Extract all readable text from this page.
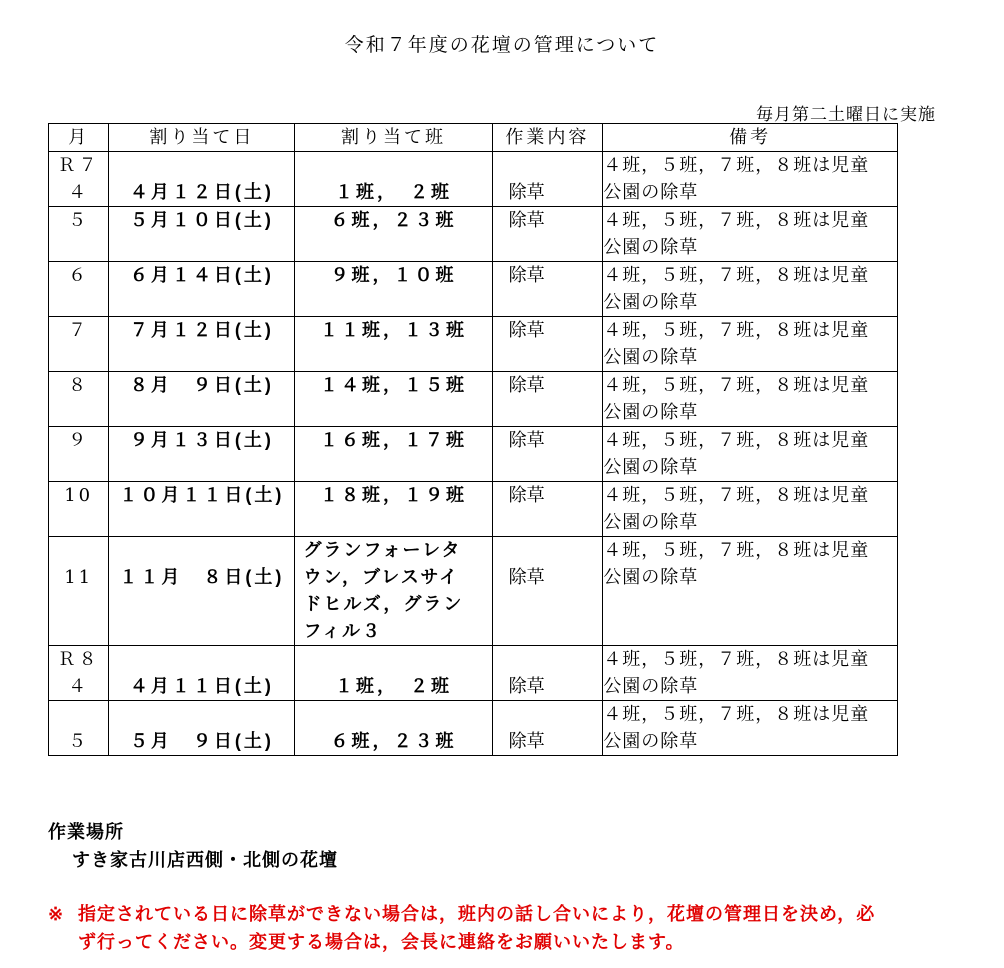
令和７年度の花壇の管理について
毎月第二土曜日に実施
月	割り当て日	割り当て班	作業内容	備考

Ｒ７
４	４月１２日(土)	１班，　２班	除草	４班，５班，７班，８班は児童
公園の除草

５	５月１０日(土)	６班，２３班	除草	４班，５班，７班，８班は児童
公園の除草

６	６月１４日(土)	９班，１０班	除草	４班，５班，７班，８班は児童
公園の除草

７	７月１２日(土)	１１班，１３班	除草	４班，５班，７班，８班は児童
公園の除草

８	８月　９日(土)	１４班，１５班	除草	４班，５班，７班，８班は児童
公園の除草

９	９月１３日(土)	１６班，１７班	除草	４班，５班，７班，８班は児童
公園の除草

10	１０月１１日(土)	１８班，１９班	除草	４班，５班，７班，８班は児童
公園の除草

11	１１月　８日(土)	グランフォーレタ
ウン，ブレスサイ
ドヒルズ，グラン
フィル３	除草	４班，５班，７班，８班は児童
公園の除草

Ｒ８
４	４月１１日(土)	１班，　２班	除草	４班，５班，７班，８班は児童
公園の除草

５	５月　９日(土)	６班，２３班	除草	４班，５班，７班，８班は児童
公園の除草
作業場所
すき家古川店西側・北側の花壇
※ 指定されている日に除草ができない場合は，班内の話し合いにより，花壇の管理日を決め，必
ず行ってください。変更する場合は，会長に連絡をお願いいたします。
